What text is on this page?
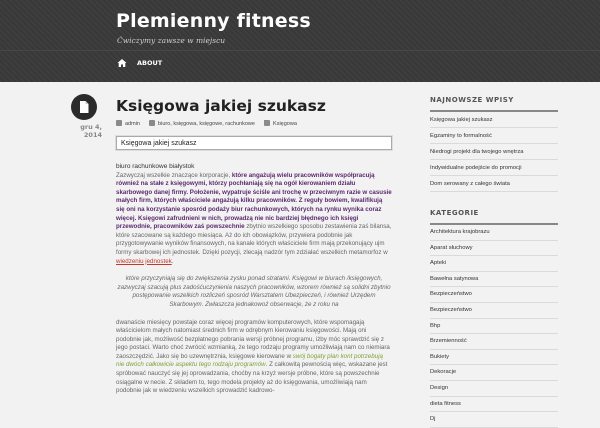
Plemienny fitness
Ćwiczymy zawsze w miejscu
ABOUT
gru 4, 2014
Księgowa jakiej szukasz
admin	biuro, księgowa, księgowe, rachunkowe	Księgowa
Księgowa jakiej szukasz

biuro rachunkowe białystok
Zazwyczaj wszelkie znaczące korporacje, które angażują wielu pracowników współpracują również na stałe z księgowymi, którzy pochłaniają się na ogół kierowaniem działu skarbowego danej firmy. Położenie, wypatruje ściśle ani trochę w przeciwnym razie w casusie małych firm, których właściciele angażują kilku pracowników. Z reguły bowiem, kwalifikują się oni na korzystanie sposród podaży biur rachunkowych, których na rynku wynika coraz więcej. Księgowi zafrudnieni w nich, prowadzą nie nic bardziej błędnego ich księgi przewodnie, pracowników zaś powszechnie zbytnio wszelkiego sposobu zestawienia zaś bilansa, które szacowane są każdego miesiąca. Aż do ich obowiązków, przywiera podobnie jak przygotowywanie wyników finansowych, na kanale których właściciele firm mają przekonujący ujm formy skarbowej ich jednostek. Dzięki pozycji, zlecają nadzór tym zdziałać wszelkich metamorfoz w wiedzeniu jednostek.

które przyczyniają się do zwiększenia zysku ponad stratami. Księgowi w biurach /księgowych, zazwyczaj szacują plus zadośćuczynienia naszych pracowników, wzorem również są solidni zbytnio postępowanie wszelkich rozliczeń sposród Warsztatem Ubezpieczeń, i również Urzędem Skarbowym. Zwłaszcza jednakowoż obserwacje, że z roku na

dwanaście miesięcy powstaje coraz więcej programów komputerowych, które wspomagają właścicielom małych natomiast średnich firm w odrębnym kierowaniu księgowości. Mają oni podobnie jak, możliwość bezpłatnego pobrania wersji próbnej programu, iżby móc sprawdzić się z jego postaci. Warto choć zwrócić wzmianką, że tego rodzaju programy umożliwiają nam co niemiara zaoszczędzić. Jako się bo uzewnętrznia, księgowe kierowane w swój bogaty plan kont potrzebują nie dwóch całkowicie aspektu tego rodzaju programów. Z całkowitą pewnością więc, wskazane jest spróbować nauczyć się jej oprowadzania, choćby na krzyż wersje próbne, które są powszechnie osiągalne w necie. Z składem to, tego modela projekty aż do księgowania, umożliwiają nam podobnie jak w wiedzeniu wszelkich sprowadzić kadrowo-

NAJNOWSZE WPISY
Księgowa jakiej szukasz
Egzaminy to formalność
Niedrogi projekt dla twojego wnętrza
Indywidualne podejście do promocji
Dom serowany z całego świata
KATEGORIE
Architektura krajobrazu
Aparat słuchowy
Apteki
Bawełna satynowa
Bezpieczeństwo
Bezpieczeństwo
Bhp
Brzemienność
Bukiety
Dekoracje
Design
dieta fitness
Dj
